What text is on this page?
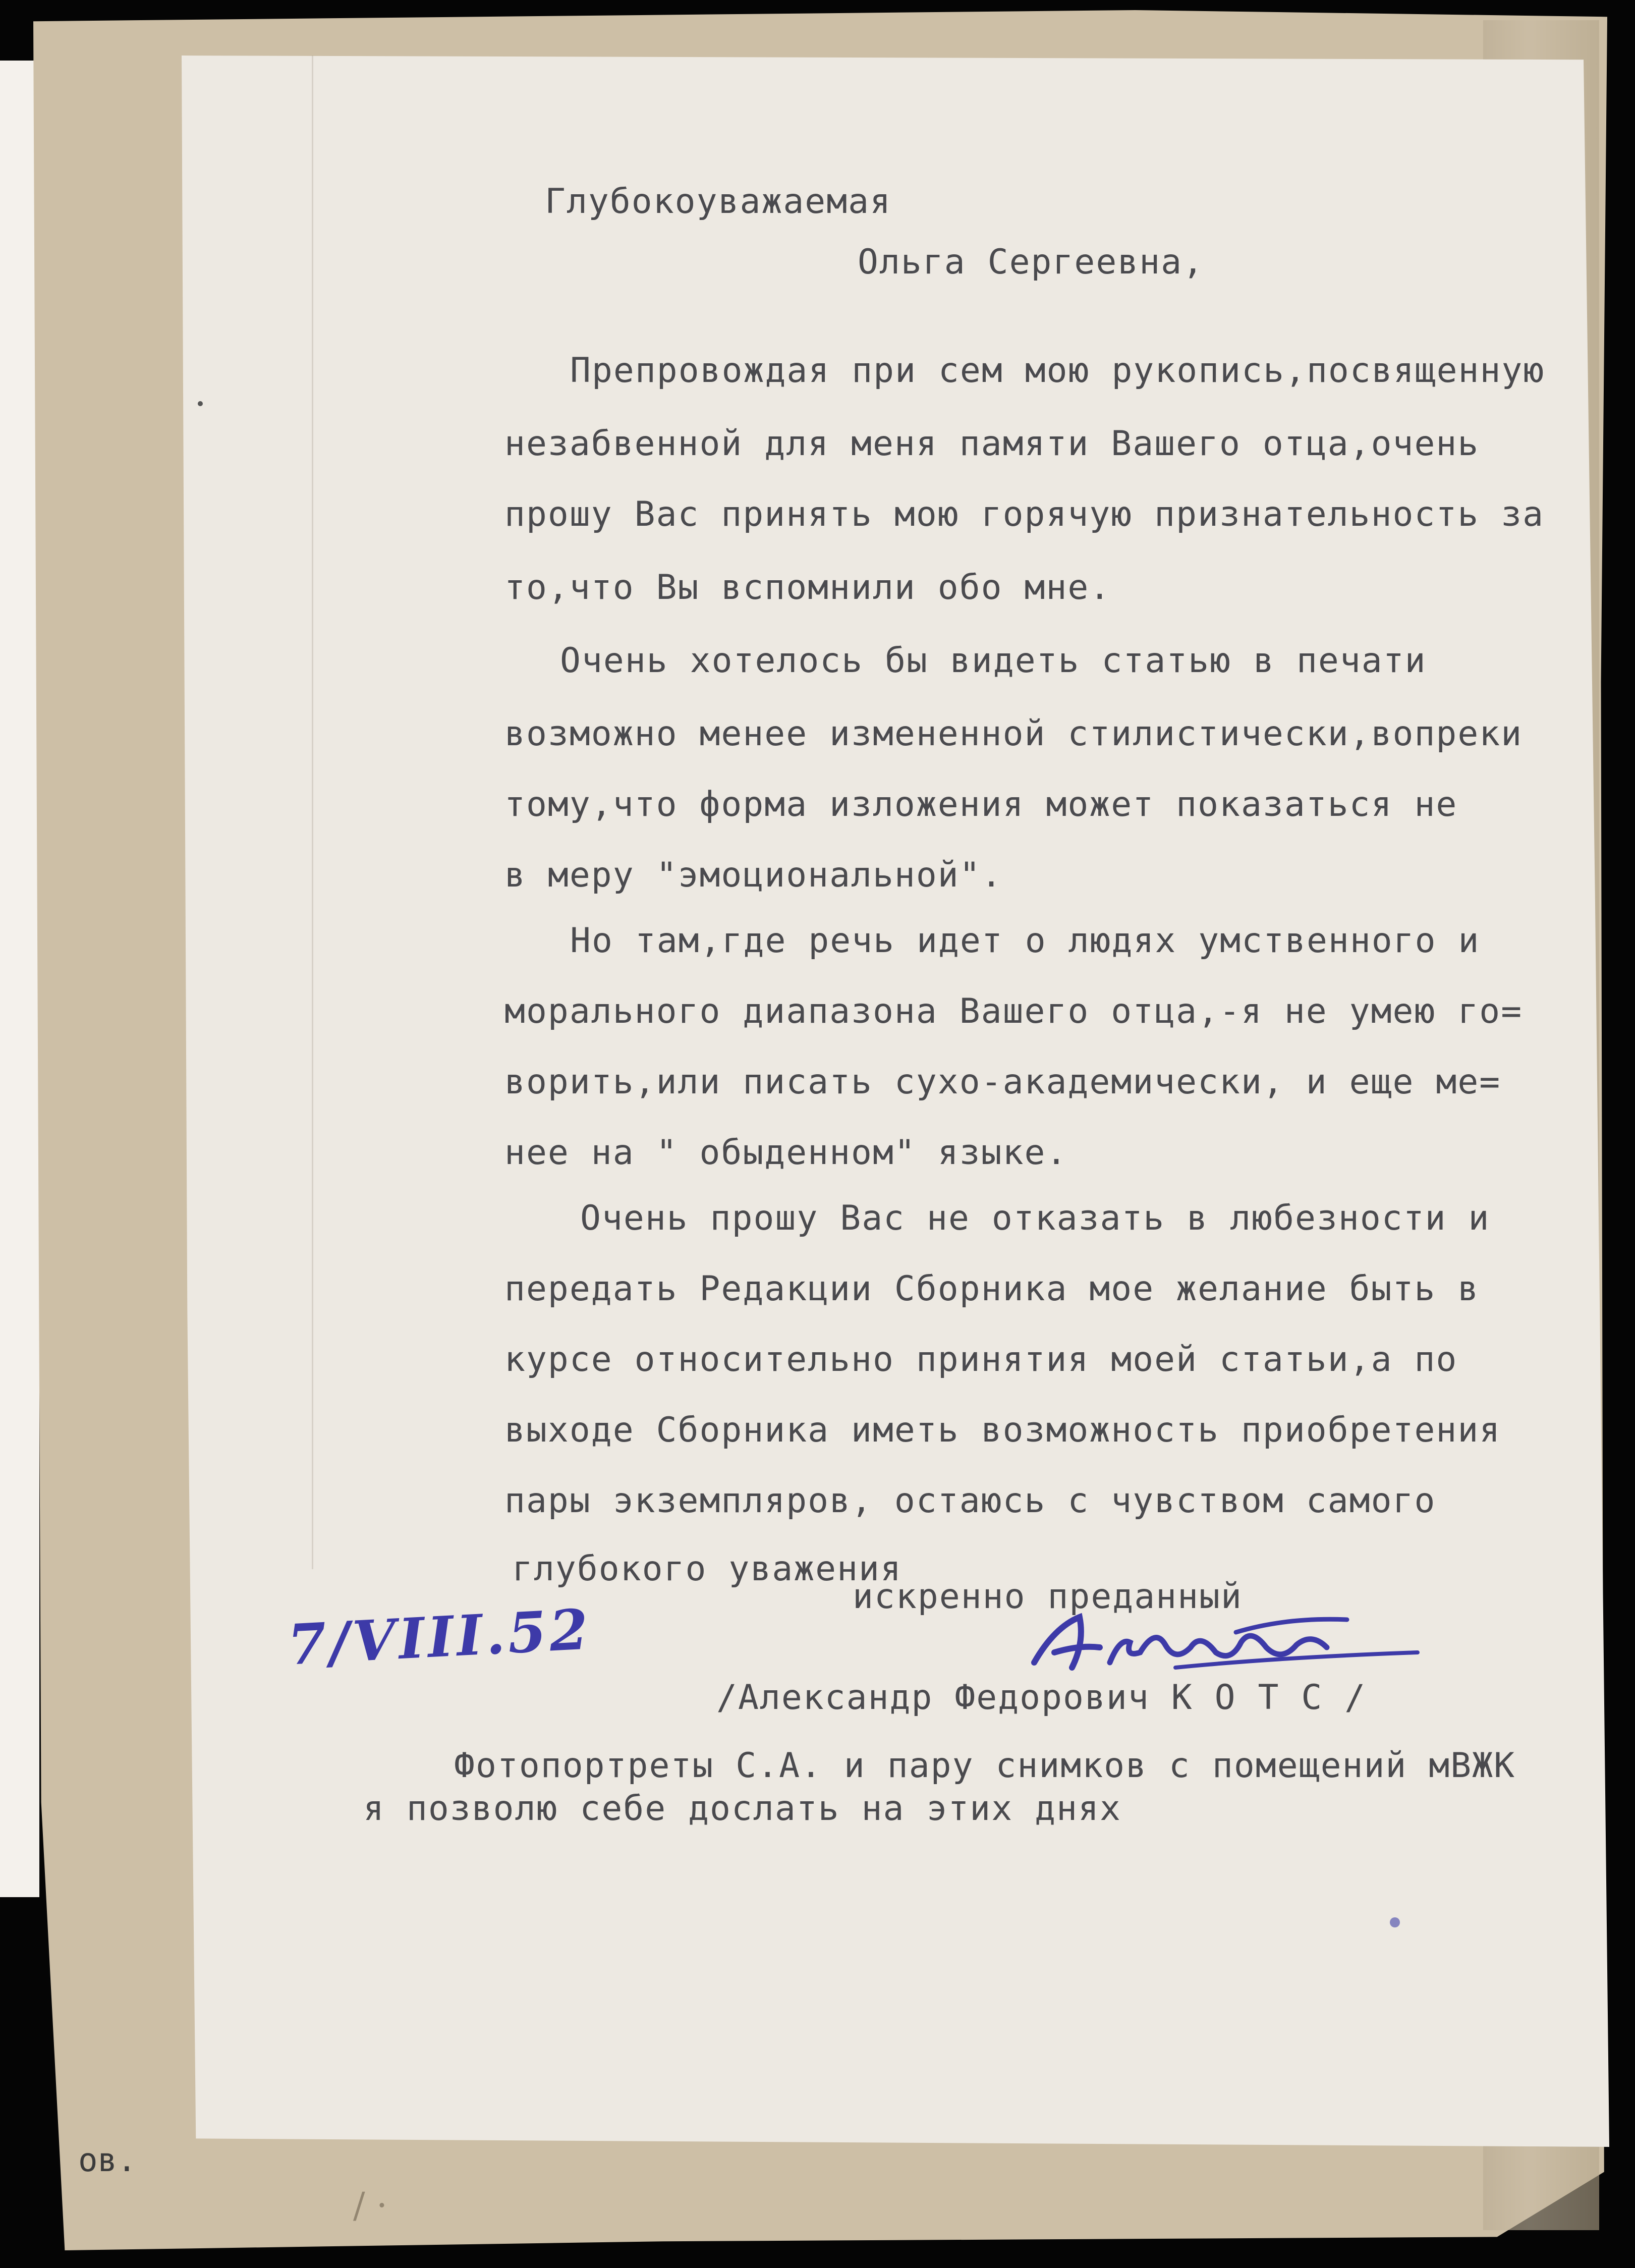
ов.
/ ·

Глубокоуважаемая

Ольга Сергеевна,

Препровождая при сем мою рукопись,посвященную

незабвенной для меня памяти Вашего отца,очень

прошу Вас принять мою горячую признательность за

то,что Вы вспомнили обо мне.

Очень хотелось бы видеть статью в печати

возможно менее измененной стилистически,вопреки

тому,что форма изложения может показаться не

в меру "эмоциональной".

Но там,где речь идет о людях умственного и

морального диапазона Вашего отца,-я не умею го=

ворить,или писать сухо-академически, и еще ме=

нее на " обыденном" языке.

Очень прошу Вас не отказать в любезности и

передать Редакции Сборника мое желание быть в

курсе относительно принятия моей статьи,а по

выходе Сборника иметь возможность приобретения

пары экземпляров, остаюсь с чувством самого

глубокого уважения

искренно преданный

7/VIII.52

/Александр Федорович К О Т С /

Фотопортреты С.А. и пару снимков с помещений мВЖК

я позволю себе дослать на этих днях
